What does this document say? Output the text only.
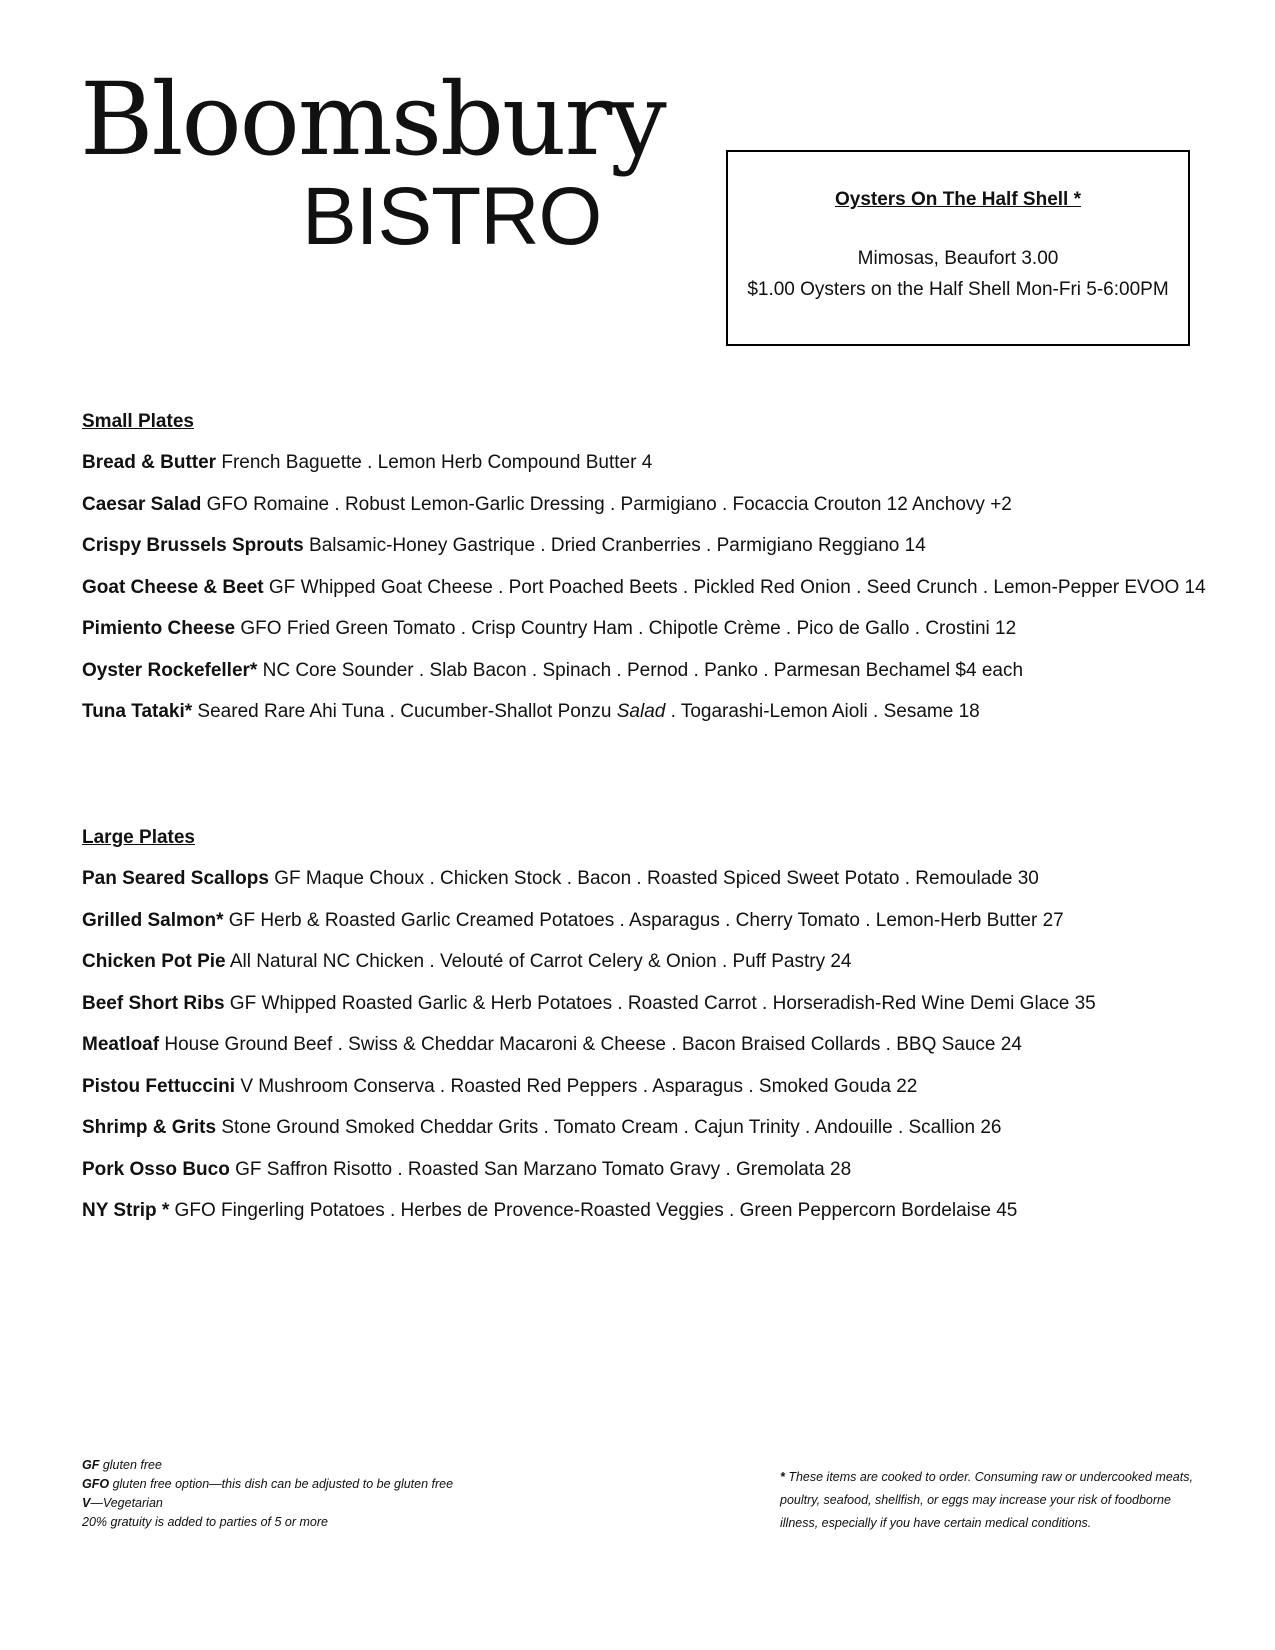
Bloomsbury
BISTRO	Oysters On The Half Shell *
Mimosas, Beaufort 3.00
$1.00 Oysters on the Half Shell Mon-Fri 5-6:00PM
Small Plates
Bread & Butter French Baguette . Lemon Herb Compound Butter 4
Caesar Salad GFO Romaine . Robust Lemon-Garlic Dressing . Parmigiano . Focaccia Crouton 12 Anchovy +2
Crispy Brussels Sprouts Balsamic-Honey Gastrique . Dried Cranberries . Parmigiano Reggiano 14
Goat Cheese & Beet GF Whipped Goat Cheese . Port Poached Beets . Pickled Red Onion . Seed Crunch . Lemon-Pepper EVOO 14
Pimiento Cheese GFO Fried Green Tomato . Crisp Country Ham . Chipotle Crème . Pico de Gallo . Crostini 12
Oyster Rockefeller* NC Core Sounder . Slab Bacon . Spinach . Pernod . Panko . Parmesan Bechamel $4 each
Tuna Tataki* Seared Rare Ahi Tuna . Cucumber-Shallot Ponzu Salad . Togarashi-Lemon Aioli . Sesame 18
Large Plates
Pan Seared Scallops GF Maque Choux . Chicken Stock . Bacon . Roasted Spiced Sweet Potato . Remoulade 30
Grilled Salmon* GF Herb & Roasted Garlic Creamed Potatoes . Asparagus . Cherry Tomato . Lemon-Herb Butter 27
Chicken Pot Pie All Natural NC Chicken . Velouté of Carrot Celery & Onion . Puff Pastry 24
Beef Short Ribs GF Whipped Roasted Garlic & Herb Potatoes . Roasted Carrot . Horseradish-Red Wine Demi Glace 35
Meatloaf House Ground Beef . Swiss & Cheddar Macaroni & Cheese . Bacon Braised Collards . BBQ Sauce 24
Pistou Fettuccini V Mushroom Conserva . Roasted Red Peppers . Asparagus . Smoked Gouda 22
Shrimp & Grits Stone Ground Smoked Cheddar Grits . Tomato Cream . Cajun Trinity . Andouille . Scallion 26
Pork Osso Buco GF Saffron Risotto . Roasted San Marzano Tomato Gravy . Gremolata 28
NY Strip * GFO Fingerling Potatoes . Herbes de Provence-Roasted Veggies . Green Peppercorn Bordelaise 45
GF gluten free
GFO gluten free option—this dish can be adjusted to be gluten free
V—Vegetarian
20% gratuity is added to parties of 5 or more
* These items are cooked to order. Consuming raw or undercooked meats, poultry, seafood, shellfish, or eggs may increase your risk of foodborne illness, especially if you have certain medical conditions.
